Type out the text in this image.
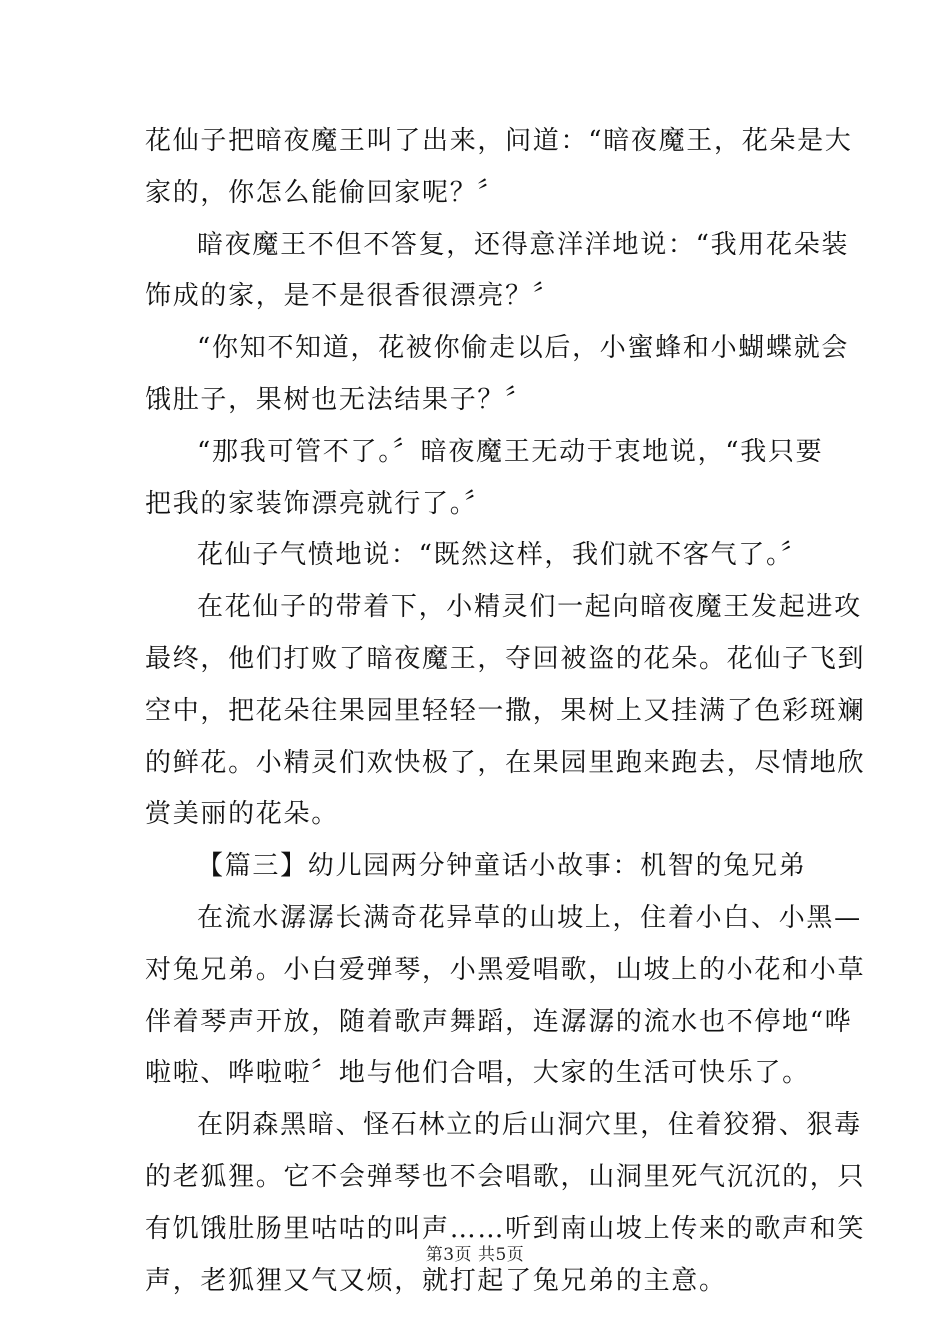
花仙子把暗夜魔王叫了出来，问道：“暗夜魔王，花朵是大
家的，你怎么能偷回家呢？〞

暗夜魔王不但不答复，还得意洋洋地说：“我用花朵装
饰成的家，是不是很香很漂亮？〞

“你知不知道，花被你偷走以后，小蜜蜂和小蝴蝶就会
饿肚子，果树也无法结果子？〞

“那我可管不了。〞暗夜魔王无动于衷地说，“我只要
把我的家装饰漂亮就行了。〞

花仙子气愤地说：“既然这样，我们就不客气了。〞

在花仙子的带着下，小精灵们一起向暗夜魔王发起进攻
最终，他们打败了暗夜魔王，夺回被盗的花朵。花仙子飞到
空中，把花朵往果园里轻轻一撒，果树上又挂满了色彩斑斓
的鲜花。小精灵们欢快极了，在果园里跑来跑去，尽情地欣
赏美丽的花朵。

【篇三】幼儿园两分钟童话小故事：机智的兔兄弟

在流水潺潺长满奇花异草的山坡上，住着小白、小黑—
对兔兄弟。小白爱弹琴，小黑爱唱歌，山坡上的小花和小草
伴着琴声开放，随着歌声舞蹈，连潺潺的流水也不停地“哗
啦啦、哗啦啦〞地与他们合唱，大家的生活可快乐了。

在阴森黑暗、怪石林立的后山洞穴里，住着狡猾、狠毒
的老狐狸。它不会弹琴也不会唱歌，山洞里死气沉沉的，只
有饥饿肚肠里咕咕的叫声……听到南山坡上传来的歌声和笑
声，老狐狸又气又烦，就打起了兔兄弟的主意。

第3页 共5页
